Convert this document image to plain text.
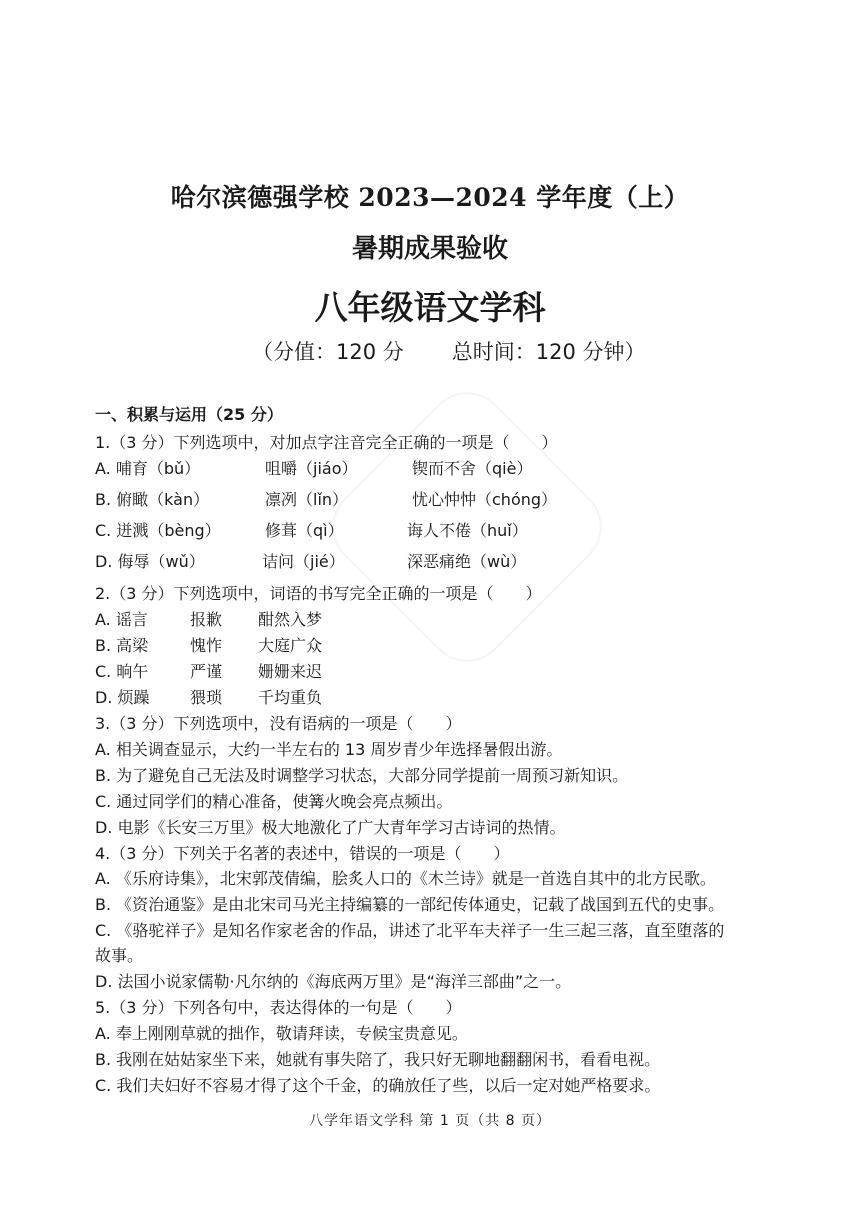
哈尔滨德强学校 2023—2024 学年度（上）
暑期成果验收
八年级语文学科
（分值：120 分 总时间：120 分钟）
一、积累与运用（25 分）
1.（3 分）下列选项中，对加点字注音完全正确的一项是（　　）
A. 哺育（bǔ）	咀嚼（jiáo）	锲而不舍（qiè）
B. 俯瞰（kàn）	凛冽（lǐn）	忧心忡忡（chóng）
C. 迸溅（bèng）	修葺（qì）	诲人不倦（huǐ）
D. 侮辱（wǔ）	诘问（jié）	深恶痛绝（wù）
2.（3 分）下列选项中，词语的书写完全正确的一项是（　　）
A. 谣言	报歉 酣然入梦
B. 高梁	愧怍 大庭广众
C. 晌午	严谨 姗姗来迟
D. 烦躁	猥琐 千均重负
3.（3 分）下列选项中，没有语病的一项是（　　）
A. 相关调查显示，大约一半左右的 13 周岁青少年选择暑假出游。
B. 为了避免自己无法及时调整学习状态，大部分同学提前一周预习新知识。
C. 通过同学们的精心准备，使篝火晚会亮点频出。
D. 电影《长安三万里》极大地激化了广大青年学习古诗词的热情。
4.（3 分）下列关于名著的表述中，错误的一项是（　　）
A. 《乐府诗集》，北宋郭茂倩编，脍炙人口的《木兰诗》就是一首选自其中的北方民歌。
B. 《资治通鉴》是由北宋司马光主持编纂的一部纪传体通史，记载了战国到五代的史事。
C. 《骆驼祥子》是知名作家老舍的作品，讲述了北平车夫祥子一生三起三落，直至堕落的
故事。
D. 法国小说家儒勒·凡尔纳的《海底两万里》是“海洋三部曲”之一。
5.（3 分）下列各句中，表达得体的一句是（　　）
A. 奉上刚刚草就的拙作，敬请拜读，专候宝贵意见。
B. 我刚在姑姑家坐下来，她就有事失陪了，我只好无聊地翻翻闲书，看看电视。
C. 我们夫妇好不容易才得了这个千金，的确放任了些，以后一定对她严格要求。
八学年语文学科 第 1 页（共 8 页）
